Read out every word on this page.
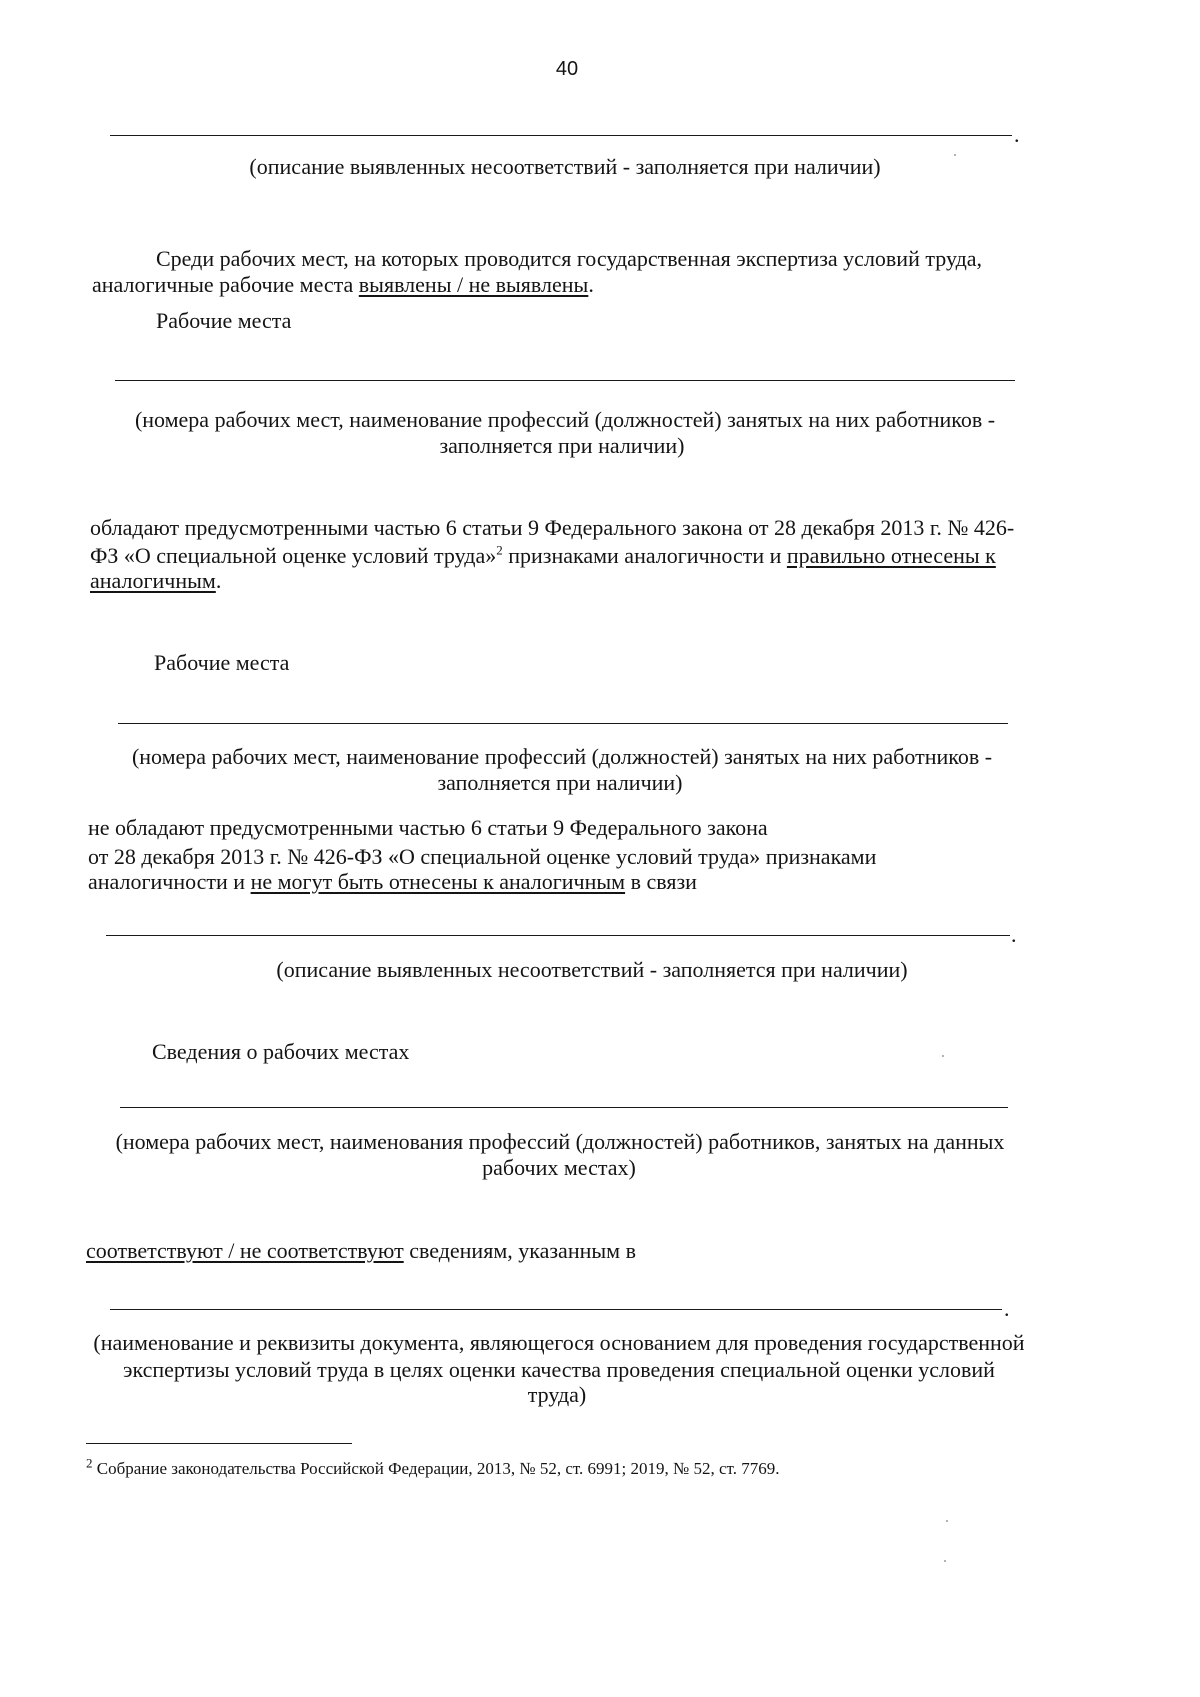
40
.
(описание выявленных несоответствий - заполняется при наличии)
Среди рабочих мест, на которых проводится государственная экспертиза условий труда,
аналогичные рабочие места выявлены / не выявлены.
Рабочие места
(номера рабочих мест, наименование профессий (должностей) занятых на них работников -
заполняется при наличии)
обладают предусмотренными частью 6 статьи 9 Федерального закона от 28 декабря 2013 г. № 426-
ФЗ «О специальной оценке условий труда»$^2$ признаками аналогичности и правильно отнесены к
аналогичным.
Рабочие места
(номера рабочих мест, наименование профессий (должностей) занятых на них работников -
заполняется при наличии)
не обладают предусмотренными частью 6 статьи 9 Федерального закона
от 28 декабря 2013 г. № 426-ФЗ «О специальной оценке условий труда» признаками
аналогичности и не могут быть отнесены к аналогичным в связи
.
(описание выявленных несоответствий - заполняется при наличии)
Сведения о рабочих местах
(номера рабочих мест, наименования профессий (должностей) работников, занятых на данных
рабочих местах)
соответствуют / не соответствуют сведениям, указанным в
.
(наименование и реквизиты документа, являющегося основанием для проведения государственной
экспертизы условий труда в целях оценки качества проведения специальной оценки условий
труда)
$^2$ Собрание законодательства Российской Федерации, 2013, № 52, ст. 6991; 2019, № 52, ст. 7769.
